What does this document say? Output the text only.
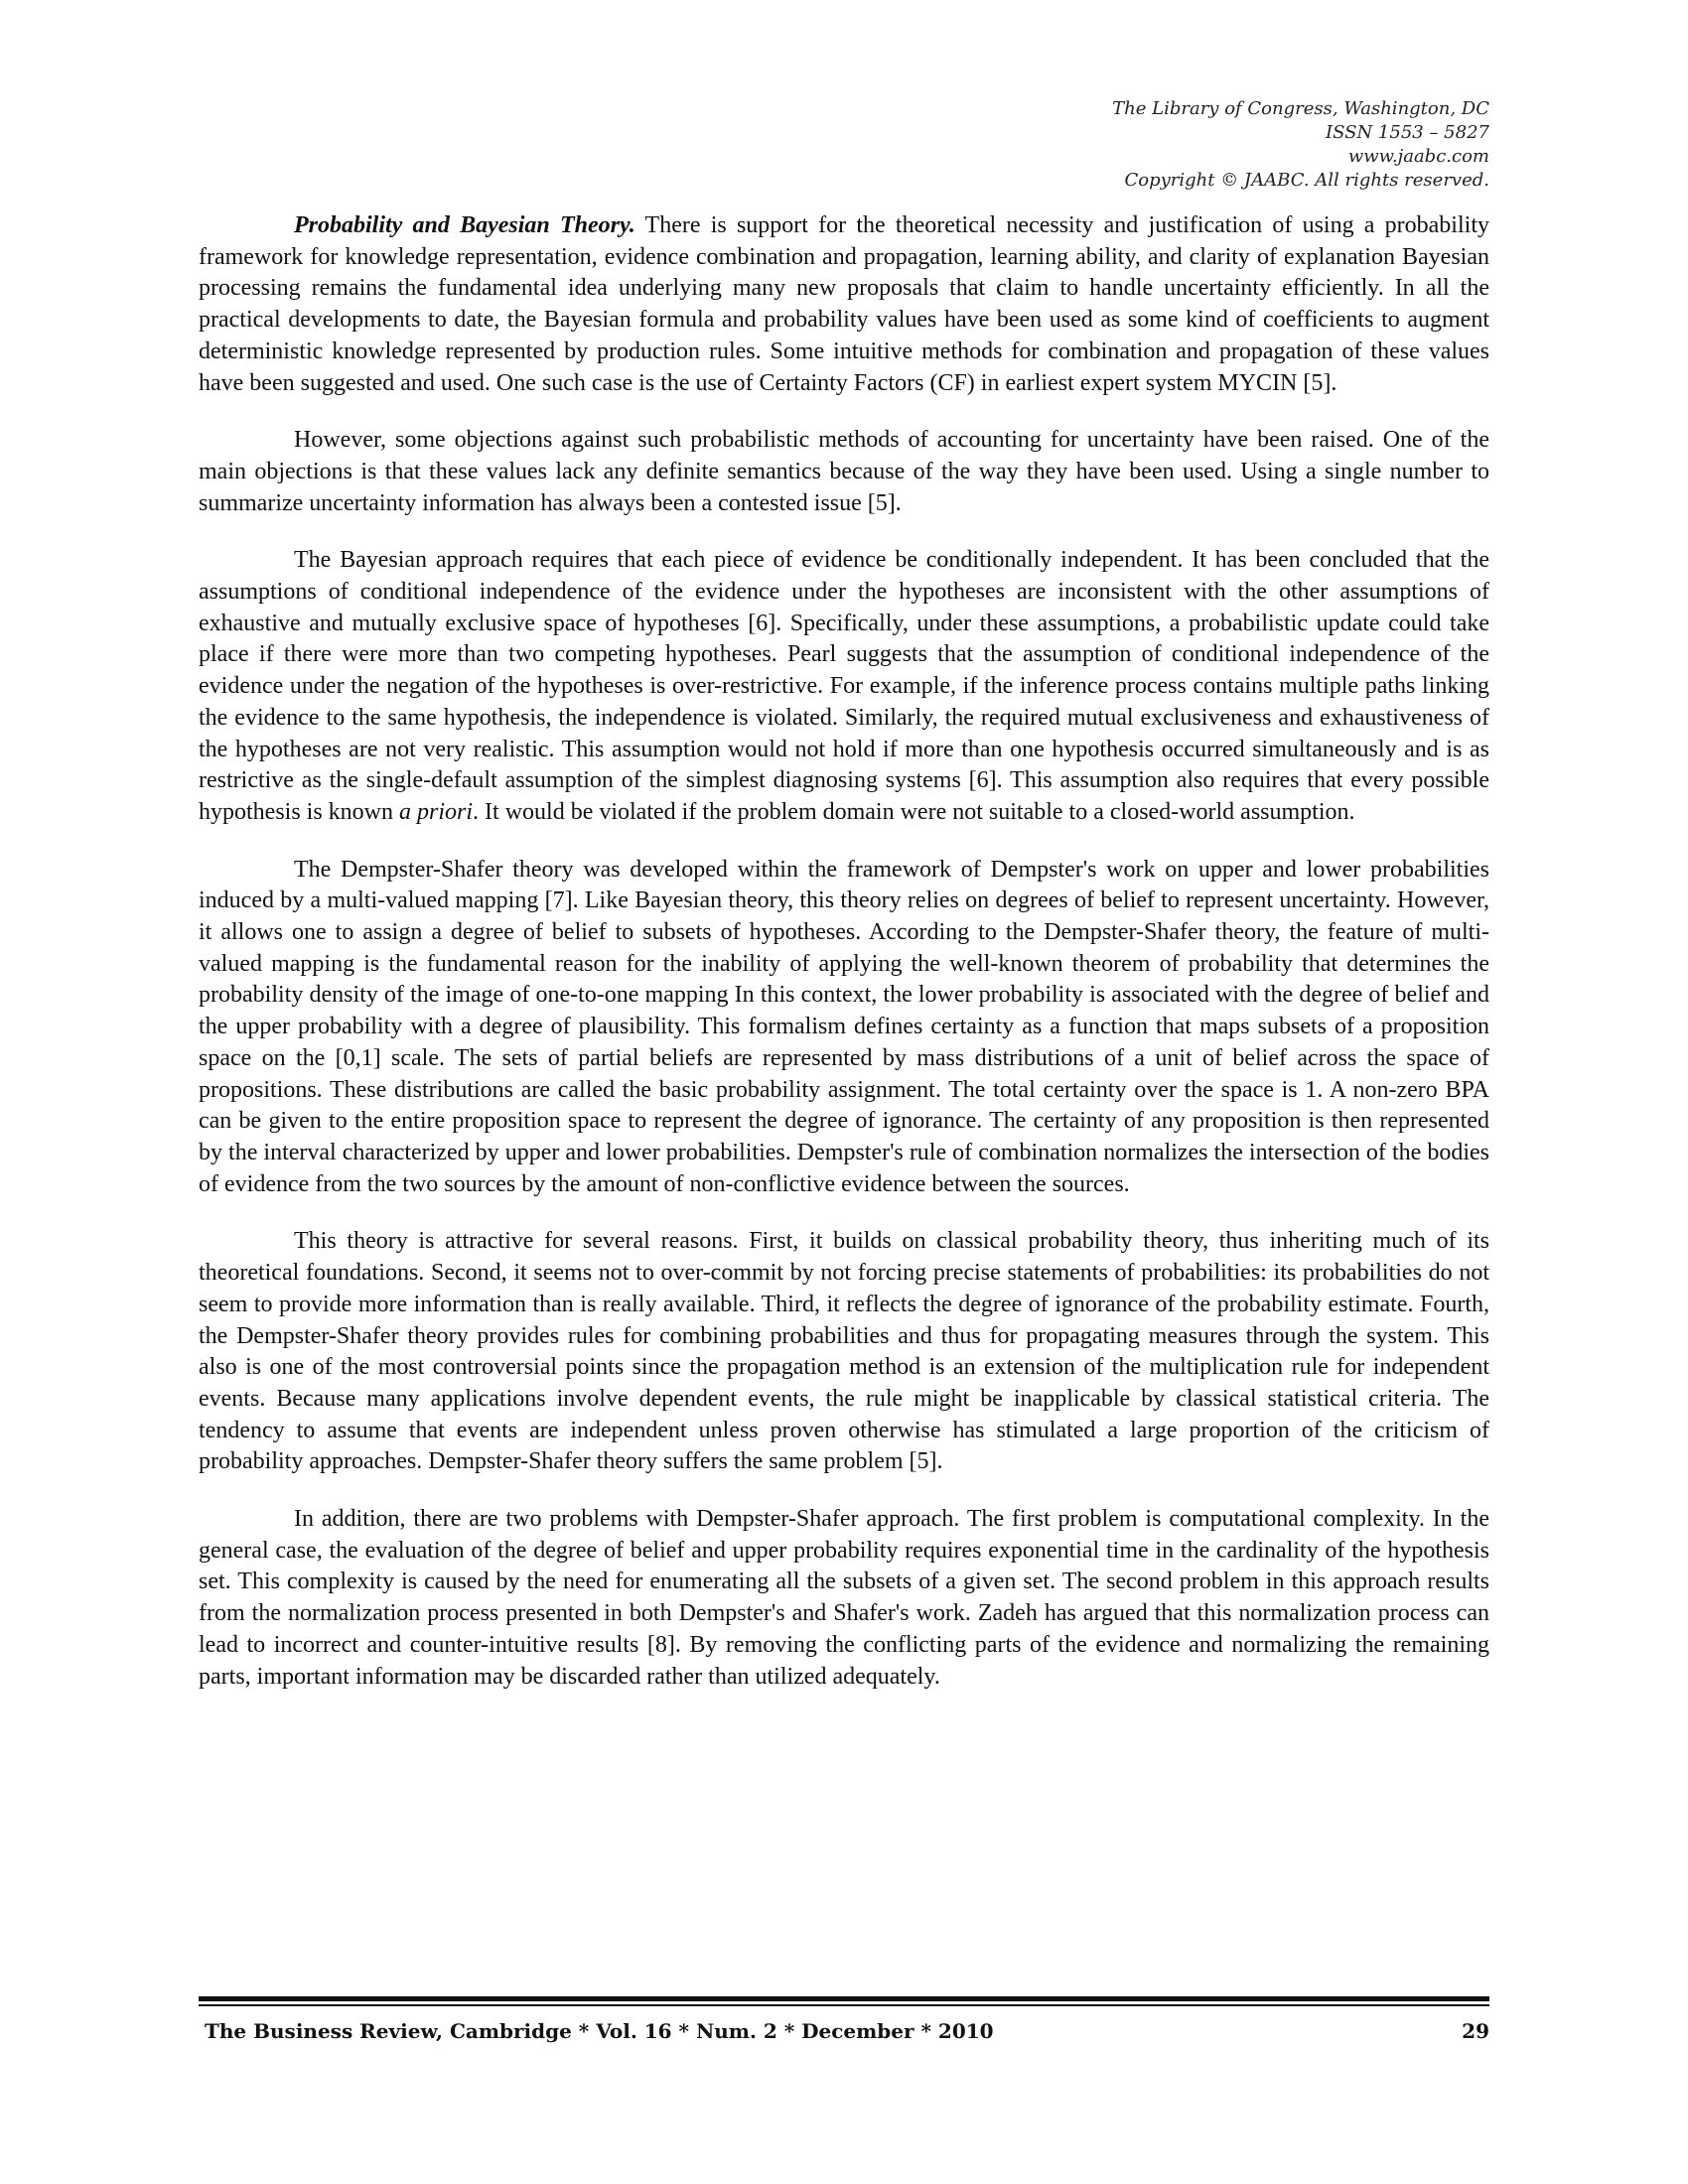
The Library of Congress, Washington, DC
ISSN 1553 – 5827
www.jaabc.com
Copyright © JAABC. All rights reserved.

Probability and Bayesian Theory. There is support for the theoretical necessity and justification of using a probability framework for knowledge representation, evidence combination and propagation, learning ability, and clarity of explanation Bayesian processing remains the fundamental idea underlying many new proposals that claim to handle uncertainty efficiently. In all the practical developments to date, the Bayesian formula and probability values have been used as some kind of coefficients to augment deterministic knowledge represented by production rules. Some intuitive methods for combination and propagation of these values have been suggested and used. One such case is the use of Certainty Factors (CF) in earliest expert system MYCIN [5].

However, some objections against such probabilistic methods of accounting for uncertainty have been raised. One of the main objections is that these values lack any definite semantics because of the way they have been used. Using a single number to summarize uncertainty information has always been a contested issue [5].

The Bayesian approach requires that each piece of evidence be conditionally independent. It has been concluded that the assumptions of conditional independence of the evidence under the hypotheses are inconsistent with the other assumptions of exhaustive and mutually exclusive space of hypotheses [6]. Specifically, under these assumptions, a probabilistic update could take place if there were more than two competing hypotheses. Pearl suggests that the assumption of conditional independence of the evidence under the negation of the hypotheses is over-restrictive. For example, if the inference process contains multiple paths linking the evidence to the same hypothesis, the independence is violated. Similarly, the required mutual exclusiveness and exhaustiveness of the hypotheses are not very realistic. This assumption would not hold if more than one hypothesis occurred simultaneously and is as restrictive as the single-default assumption of the simplest diagnosing systems [6]. This assumption also requires that every possible hypothesis is known a priori. It would be violated if the problem domain were not suitable to a closed-world assumption.

The Dempster-Shafer theory was developed within the framework of Dempster's work on upper and lower probabilities induced by a multi-valued mapping [7]. Like Bayesian theory, this theory relies on degrees of belief to represent uncertainty. However, it allows one to assign a degree of belief to subsets of hypotheses. According to the Dempster-Shafer theory, the feature of multi-valued mapping is the fundamental reason for the inability of applying the well-known theorem of probability that determines the probability density of the image of one-to-one mapping In this context, the lower probability is associated with the degree of belief and the upper probability with a degree of plausibility. This formalism defines certainty as a function that maps subsets of a proposition space on the [0,1] scale. The sets of partial beliefs are represented by mass distributions of a unit of belief across the space of propositions. These distributions are called the basic probability assignment. The total certainty over the space is 1. A non-zero BPA can be given to the entire proposition space to represent the degree of ignorance. The certainty of any proposition is then represented by the interval characterized by upper and lower probabilities. Dempster's rule of combination normalizes the intersection of the bodies of evidence from the two sources by the amount of non-conflictive evidence between the sources.

This theory is attractive for several reasons. First, it builds on classical probability theory, thus inheriting much of its theoretical foundations. Second, it seems not to over-commit by not forcing precise statements of probabilities: its probabilities do not seem to provide more information than is really available. Third, it reflects the degree of ignorance of the probability estimate. Fourth, the Dempster-Shafer theory provides rules for combining probabilities and thus for propagating measures through the system. This also is one of the most controversial points since the propagation method is an extension of the multiplication rule for independent events. Because many applications involve dependent events, the rule might be inapplicable by classical statistical criteria. The tendency to assume that events are independent unless proven otherwise has stimulated a large proportion of the criticism of probability approaches. Dempster-Shafer theory suffers the same problem [5].

In addition, there are two problems with Dempster-Shafer approach. The first problem is computational complexity. In the general case, the evaluation of the degree of belief and upper probability requires exponential time in the cardinality of the hypothesis set. This complexity is caused by the need for enumerating all the subsets of a given set. The second problem in this approach results from the normalization process presented in both Dempster's and Shafer's work. Zadeh has argued that this normalization process can lead to incorrect and counter-intuitive results [8]. By removing the conflicting parts of the evidence and normalizing the remaining parts, important information may be discarded rather than utilized adequately.

The Business Review, Cambridge * Vol. 16 * Num. 2 * December * 2010	29
